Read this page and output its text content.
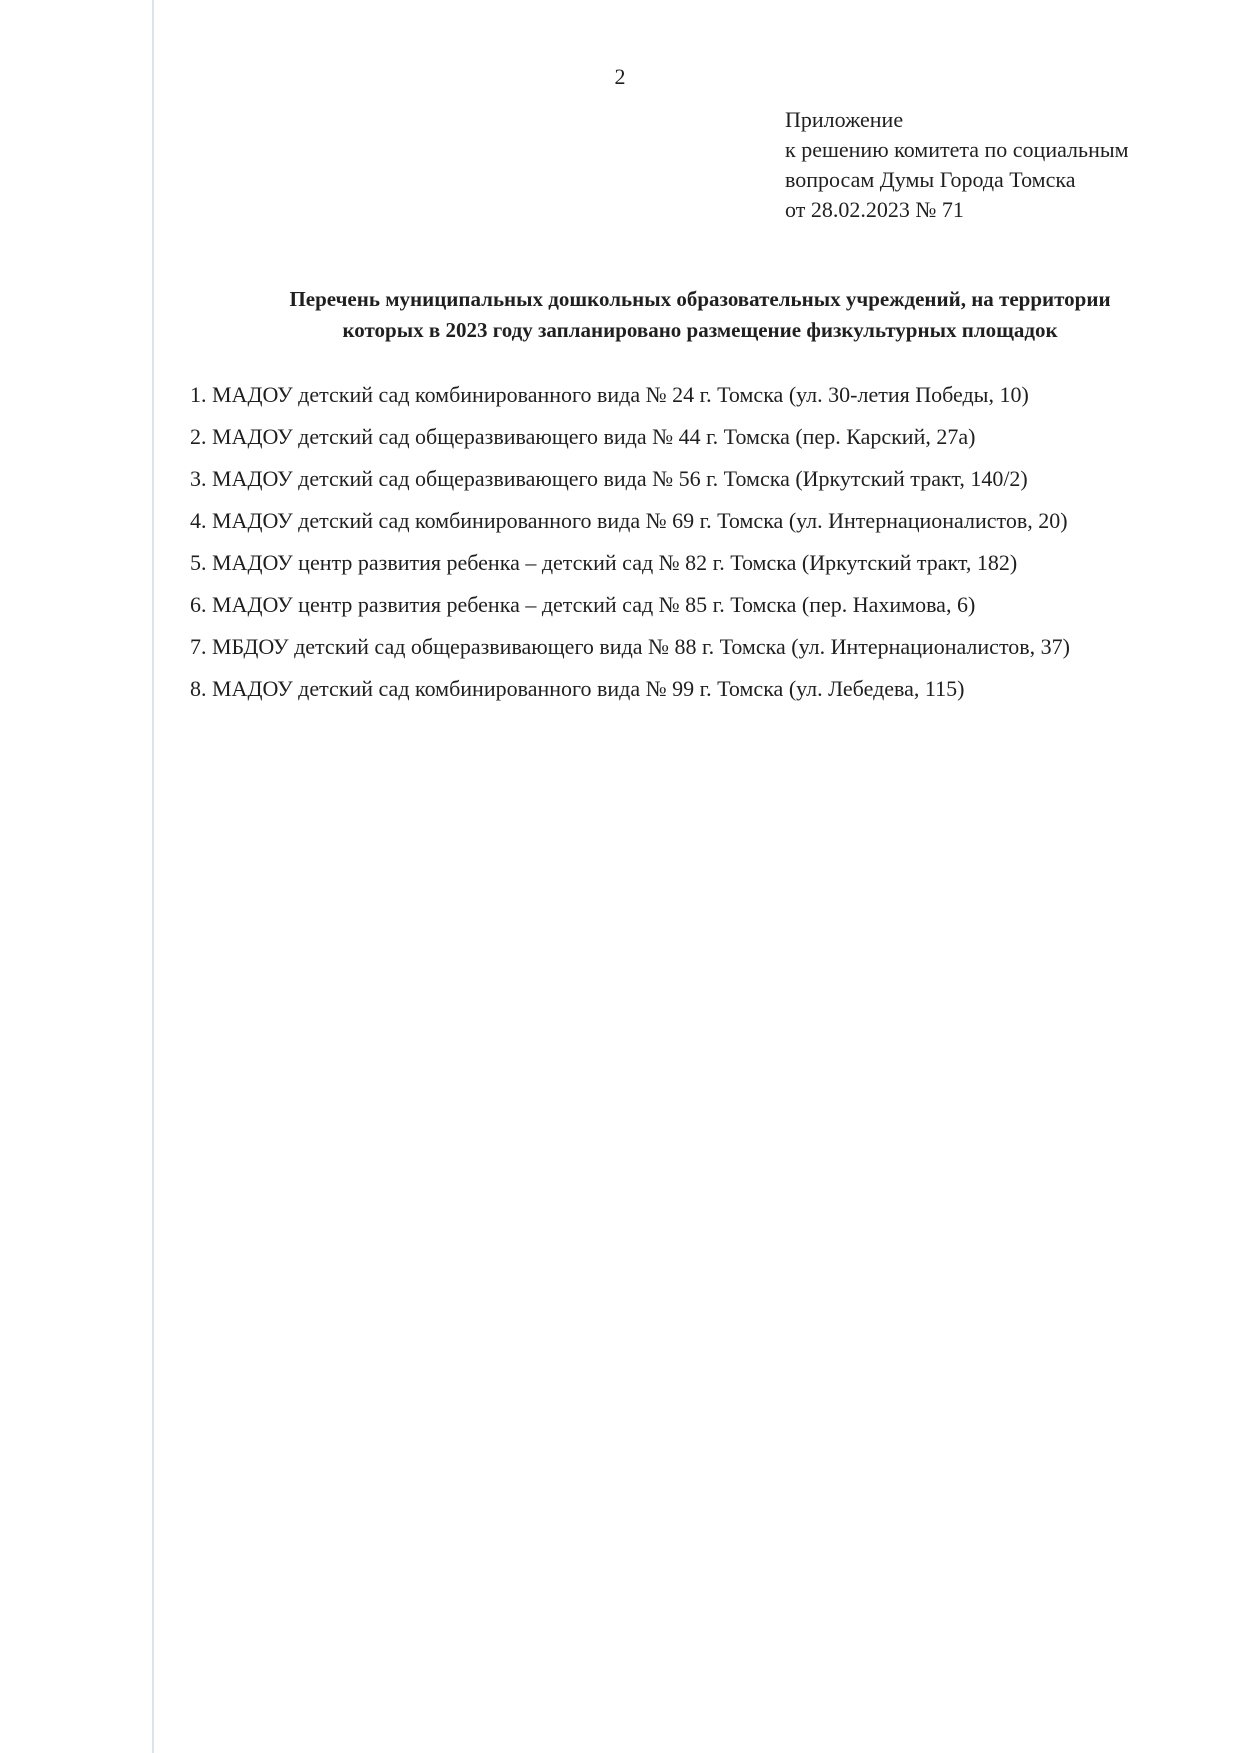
2
Приложение
к решению комитета по социальным
вопросам Думы Города Томска
от 28.02.2023 № 71
Перечень муниципальных дошкольных образовательных учреждений, на территории
которых в 2023 году запланировано размещение физкультурных площадок
1. МАДОУ детский сад комбинированного вида № 24 г. Томска (ул. 30-летия Победы, 10)
2. МАДОУ детский сад общеразвивающего вида № 44 г. Томска (пер. Карский, 27а)
3. МАДОУ детский сад общеразвивающего вида № 56 г. Томска (Иркутский тракт, 140/2)
4. МАДОУ детский сад комбинированного вида № 69 г. Томска (ул. Интернационалистов, 20)
5. МАДОУ центр развития ребенка – детский сад № 82 г. Томска (Иркутский тракт, 182)
6. МАДОУ центр развития ребенка – детский сад № 85 г. Томска (пер. Нахимова, 6)
7. МБДОУ детский сад общеразвивающего вида № 88 г. Томска (ул. Интернационалистов, 37)
8. МАДОУ детский сад комбинированного вида № 99 г. Томска (ул. Лебедева, 115)
